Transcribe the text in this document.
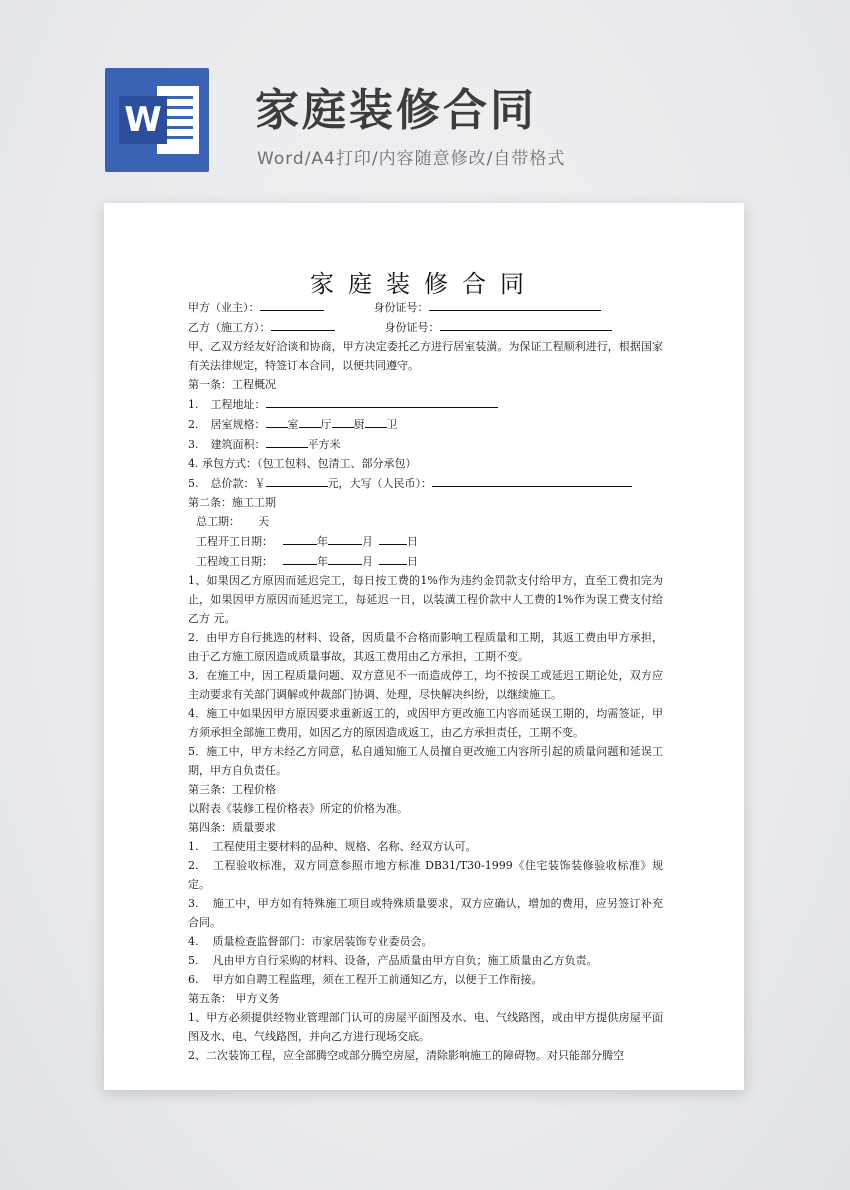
W 家庭装修合同
Word/A4打印/内容随意修改/自带格式
家庭装修合同

甲方（业主）：	身份证号：

乙方（施工方）：	身份证号：

甲、乙双方经友好洽谈和协商，甲方决定委托乙方进行居室装潢。为保证工程顺利进行，根据国家有关法律规定，特签订本合同，以便共同遵守。

第一条：工程概况

1. 工程地址：

2. 居室规格： 室 厅 厨 卫

3. 建筑面积：	平方米

4. 承包方式：（包工包料、包清工、部分承包）

5. 总价款：￥	元，大写（人民币）：

第二条：施工工期

总工期： 天

工程开工日期：	年	月	日

工程竣工日期：	年	月	日

1、如果因乙方原因而延迟完工，每日按工费的1%作为违约金罚款支付给甲方，直至工费扣完为止，如果因甲方原因而延迟完工，每延迟一日，以装潢工程价款中人工费的1%作为误工费支付给乙方 元。

2．由甲方自行挑选的材料、设备，因质量不合格而影响工程质量和工期，其返工费由甲方承担，由于乙方施工原因造成质量事故，其返工费用由乙方承担，工期不变。

3．在施工中，因工程质量问题、双方意见不一而造成停工，均不按误工或延迟工期论处，双方应主动要求有关部门调解或仲裁部门协调、处理，尽快解决纠纷，以继续施工。

4．施工中如果因甲方原因要求重新返工的，或因甲方更改施工内容而延误工期的，均需签证，甲方须承担全部施工费用，如因乙方的原因造成返工，由乙方承担责任，工期不变。

5．施工中，甲方未经乙方同意，私自通知施工人员擅自更改施工内容所引起的质量问题和延误工期，甲方自负责任。

第三条：工程价格

以附表《装修工程价格表》所定的价格为准。

第四条：质量要求

1. 工程使用主要材料的品种、规格、名称、经双方认可。

2. 工程验收标准，双方同意参照市地方标准 DB31/T30-1999《住宅装饰装修验收标准》规定。

3. 施工中，甲方如有特殊施工项目或特殊质量要求，双方应确认，增加的费用，应另签订补充合同。

4. 质量检查监督部门：市家居装饰专业委员会。

5. 凡由甲方自行采购的材料、设备，产品质量由甲方自负；施工质量由乙方负责。

6. 甲方如自聘工程监理，须在工程开工前通知乙方，以便于工作衔接。

第五条： 甲方义务

1、甲方必须提供经物业管理部门认可的房屋平面图及水、电、气线路图，或由甲方提供房屋平面图及水、电、气线路图，并向乙方进行现场交底。

2、二次装饰工程，应全部腾空或部分腾空房屋，清除影响施工的障碍物。对只能部分腾空
